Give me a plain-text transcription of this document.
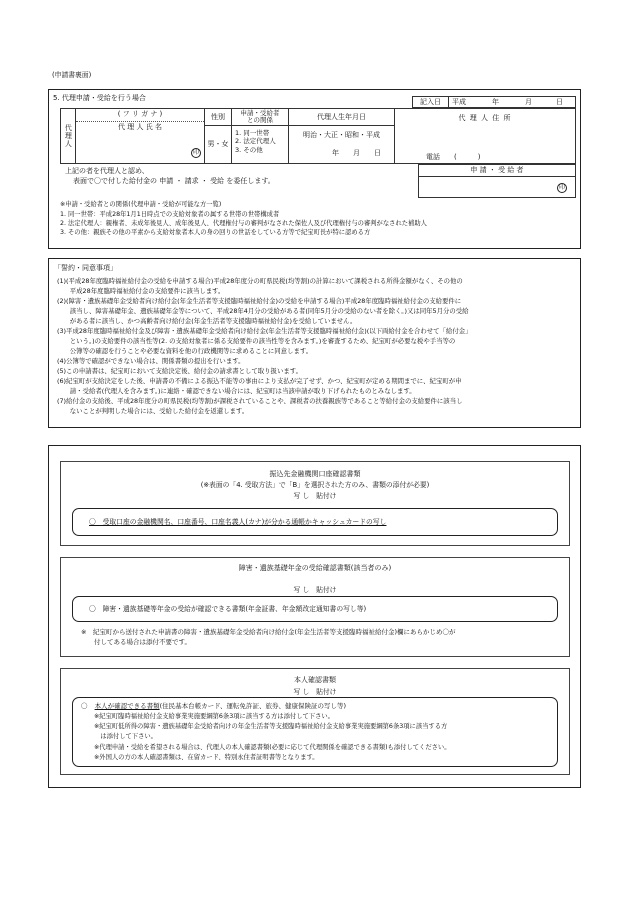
(申請書裏面)
5. 代理申請・受給を行う場合	記入日	平成	年	月	日
代理人
( フ リ ガ ナ )
代 理 人 氏 名
印
性別
男・女
申請・受給者との関係
1. 同一世帯
2. 法定代理人
3. その他
代理人生年月日
明治・大正・昭和・平成
年　　月　　日
代 理 人 住 所
電話　　(　　　)
上記の者を代理人と認め、
表面で〇で付した給付金の 申請 ・ 請求 ・ 受給 を委任します。
申 請 ・ 受 給 者
印
※申請・受給者との関係(代理申請・受給が可能な方一覧)
1. 同一世帯：平成28年1月1日時点での支給対象者の属する世帯の世帯構成者
2. 法定代理人：親権者、未成年後見人、成年後見人、代理権付与の審判がなされた保佐人及び代理権付与の審判がなされた補助人
3. その他：親族その他の平素から支給対象者本人の身の回りの世話をしている方等で紀宝町長が特に認める方
「誓約・同意事項」
(1)(平成28年度臨時福祉給付金の受給を申請する場合)平成28年度分の町県民税(均等割)の計算において課税される所得金額がなく、その他の
　　平成28年度臨時福祉給付金の支給要件に該当します。
(2)(障害・遺族基礎年金受給者向け給付金(年金生活者等支援臨時福祉給付金)の受給を申請する場合)平成28年度臨時福祉給付金の支給要件に
　　該当し、障害基礎年金、遺族基礎年金等について、平成28年4月分の受給がある者(同年5月分の受給のない者を除く。)又は同年5月分の受給
　　がある者に該当し、かつ高齢者向け給付金(年金生活者等支援臨時福祉給付金)を受給していません。
(3)平成28年度臨時福祉給付金及び障害・遺族基礎年金受給者向け給付金(年金生活者等支援臨時福祉給付金)(以下両給付金を合わせて「給付金」
　　という。)の支給要件の該当性等(2. の支給対象者に係る支給要件の該当性等を含みます。)を審査するため、紀宝町が必要な税や手当等の
　　公簿等の確認を行うことや必要な資料を他の行政機関等に求めることに同意します。
(4)公簿等で確認ができない場合は、関係書類の提出を行います。
(5)この申請書は、紀宝町において支給決定後、給付金の請求書として取り扱います。
(6)紀宝町が支給決定をした後、申請書の不備による振込不能等の事由により支払が完了せず、かつ、紀宝町が定める期間までに、紀宝町が申
　　請・受給者(代理人を含みます。)に連絡・確認できない場合には、紀宝町は当該申請が取り下げられたものとみなします。
(7)給付金の支給後、平成28年度分の町県民税(均等割)が課税されていることや、課税者の扶養親族等であること等給付金の支給要件に該当し
　　ないことが判明した場合には、受給した給付金を返還します。
振込先金融機関口座確認書類
(※表面の「4. 受取方法」で「B」を選択された方のみ、書類の添付が必要)
写 し　貼付け
〇　受取口座の金融機関名、口座番号、口座名義人(カナ)が分かる通帳かキャッシュカードの写し
障害・遺族基礎年金の受給確認書類(該当者のみ)
写 し　貼付け
〇　障害・遺族基礎等年金の受給が確認できる書類(年金証書、年金額改定通知書の写し等)
※　紀宝町から送付された申請書の障害・遺族基礎年金受給者向け給付金(年金生活者等支援臨時福祉給付金)欄にあらかじめ〇が
　　付してある場合は添付不要です。
本人確認書類
写 し　貼付け
〇 本人が確認できる書類(住民基本台帳カード、運転免許証、旅券、健康保険証の写し等)
※紀宝町臨時福祉給付金支給事業実施要綱第6条3項に該当する方は添付して下さい。
※紀宝町低所得の障害・遺族基礎年金受給者向けの年金生活者等支援臨時福祉給付金支給事業実施要綱第6条3項に該当する方
　は添付して下さい。
※代理申請・受給を希望される場合は、代理人の本人確認書類(必要に応じて代理関係を確認できる書類)も添付してください。
※外国人の方の本人確認書類は、在留カード、特別永住者証明書等となります。
